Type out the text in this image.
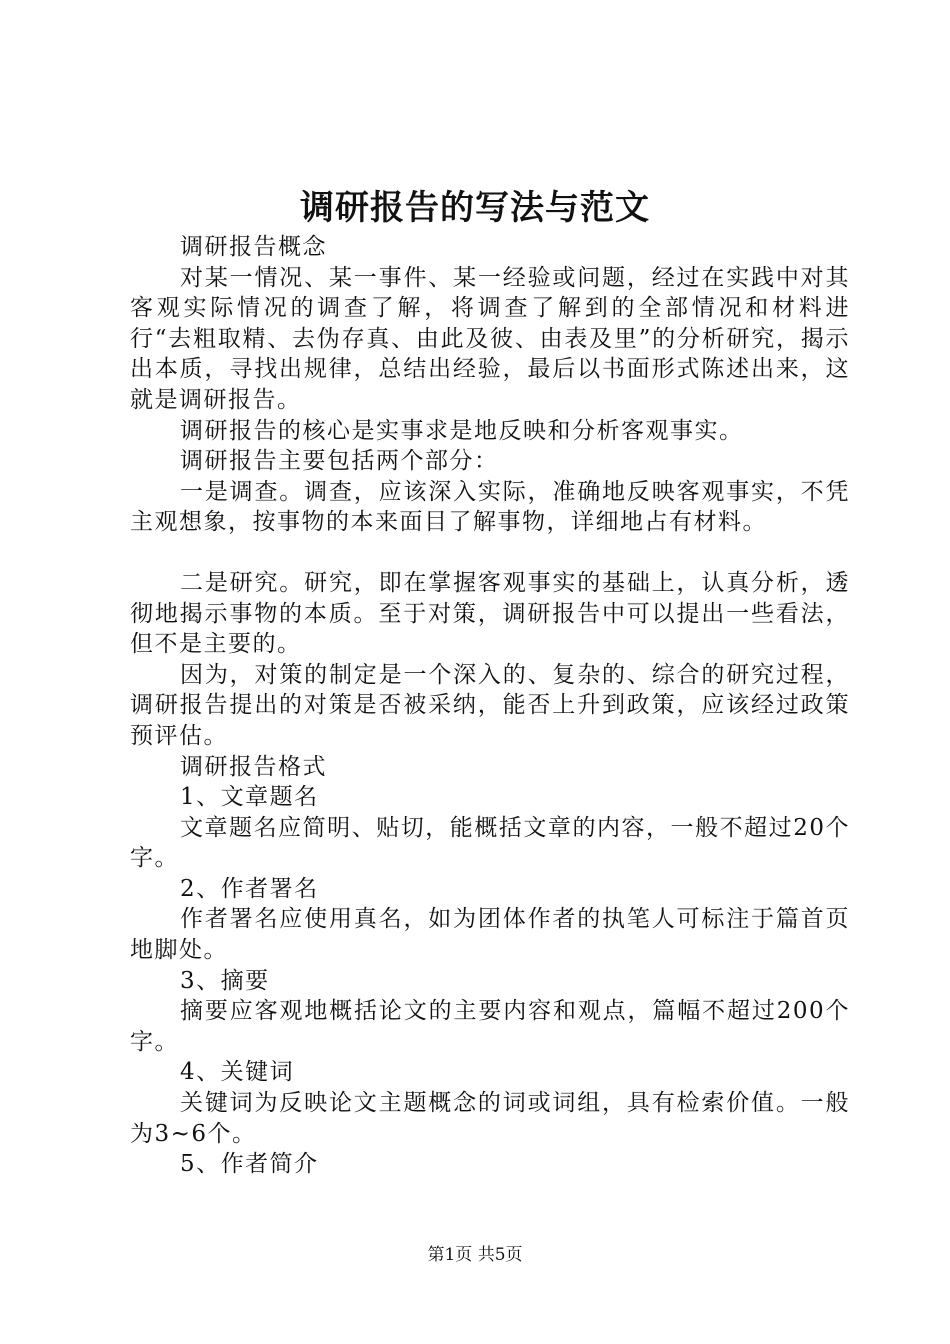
调研报告的写法与范文

调研报告概念

对某一情况、某一事件、某一经验或问题，经过在实践中对其客观实际情况的调查了解，将调查了解到的全部情况和材料进行“去粗取精、去伪存真、由此及彼、由表及里”的分析研究，揭示出本质，寻找出规律，总结出经验，最后以书面形式陈述出来，这就是调研报告。

调研报告的核心是实事求是地反映和分析客观事实。

调研报告主要包括两个部分：

一是调查。调查，应该深入实际，准确地反映客观事实，不凭主观想象，按事物的本来面目了解事物，详细地占有材料。

二是研究。研究，即在掌握客观事实的基础上，认真分析，透彻地揭示事物的本质。至于对策，调研报告中可以提出一些看法，但不是主要的。

因为，对策的制定是一个深入的、复杂的、综合的研究过程，调研报告提出的对策是否被采纳，能否上升到政策，应该经过政策预评估。

调研报告格式

1、文章题名

文章题名应简明、贴切，能概括文章的内容，一般不超过20个字。

2、作者署名

作者署名应使用真名，如为团体作者的执笔人可标注于篇首页地脚处。

3、摘要

摘要应客观地概括论文的主要内容和观点，篇幅不超过200个字。

4、关键词

关键词为反映论文主题概念的词或词组，具有检索价值。一般为3~6个。

5、作者简介

第1页 共5页
